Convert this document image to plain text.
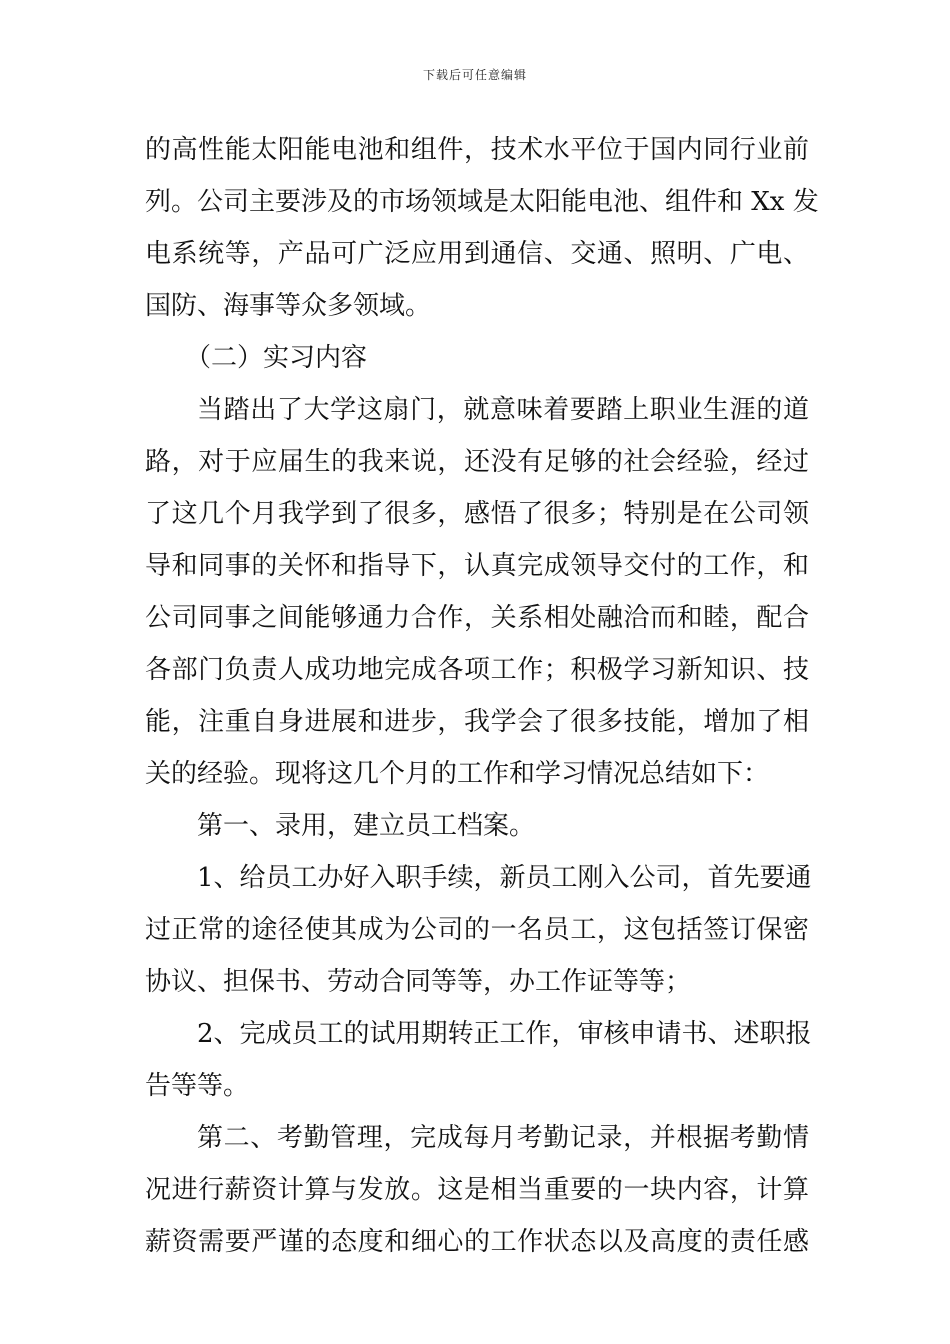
下载后可任意编辑
的高性能太阳能电池和组件，技术水平位于国内同行业前
列。公司主要涉及的市场领域是太阳能电池、组件和 Xx 发
电系统等，产品可广泛应用到通信、交通、照明、广电、
国防、海事等众多领域。
（二）实习内容
当踏出了大学这扇门，就意味着要踏上职业生涯的道
路，对于应届生的我来说，还没有足够的社会经验，经过
了这几个月我学到了很多，感悟了很多；特别是在公司领
导和同事的关怀和指导下，认真完成领导交付的工作，和
公司同事之间能够通力合作，关系相处融洽而和睦，配合
各部门负责人成功地完成各项工作；积极学习新知识、技
能，注重自身进展和进步，我学会了很多技能，增加了相
关的经验。现将这几个月的工作和学习情况总结如下：
第一、录用，建立员工档案。
1、给员工办好入职手续，新员工刚入公司，首先要通
过正常的途径使其成为公司的一名员工，这包括签订保密
协议、担保书、劳动合同等等，办工作证等等；
2、完成员工的试用期转正工作，审核申请书、述职报
告等等。
第二、考勤管理，完成每月考勤记录，并根据考勤情
况进行薪资计算与发放。这是相当重要的一块内容，计算
薪资需要严谨的态度和细心的工作状态以及高度的责任感
